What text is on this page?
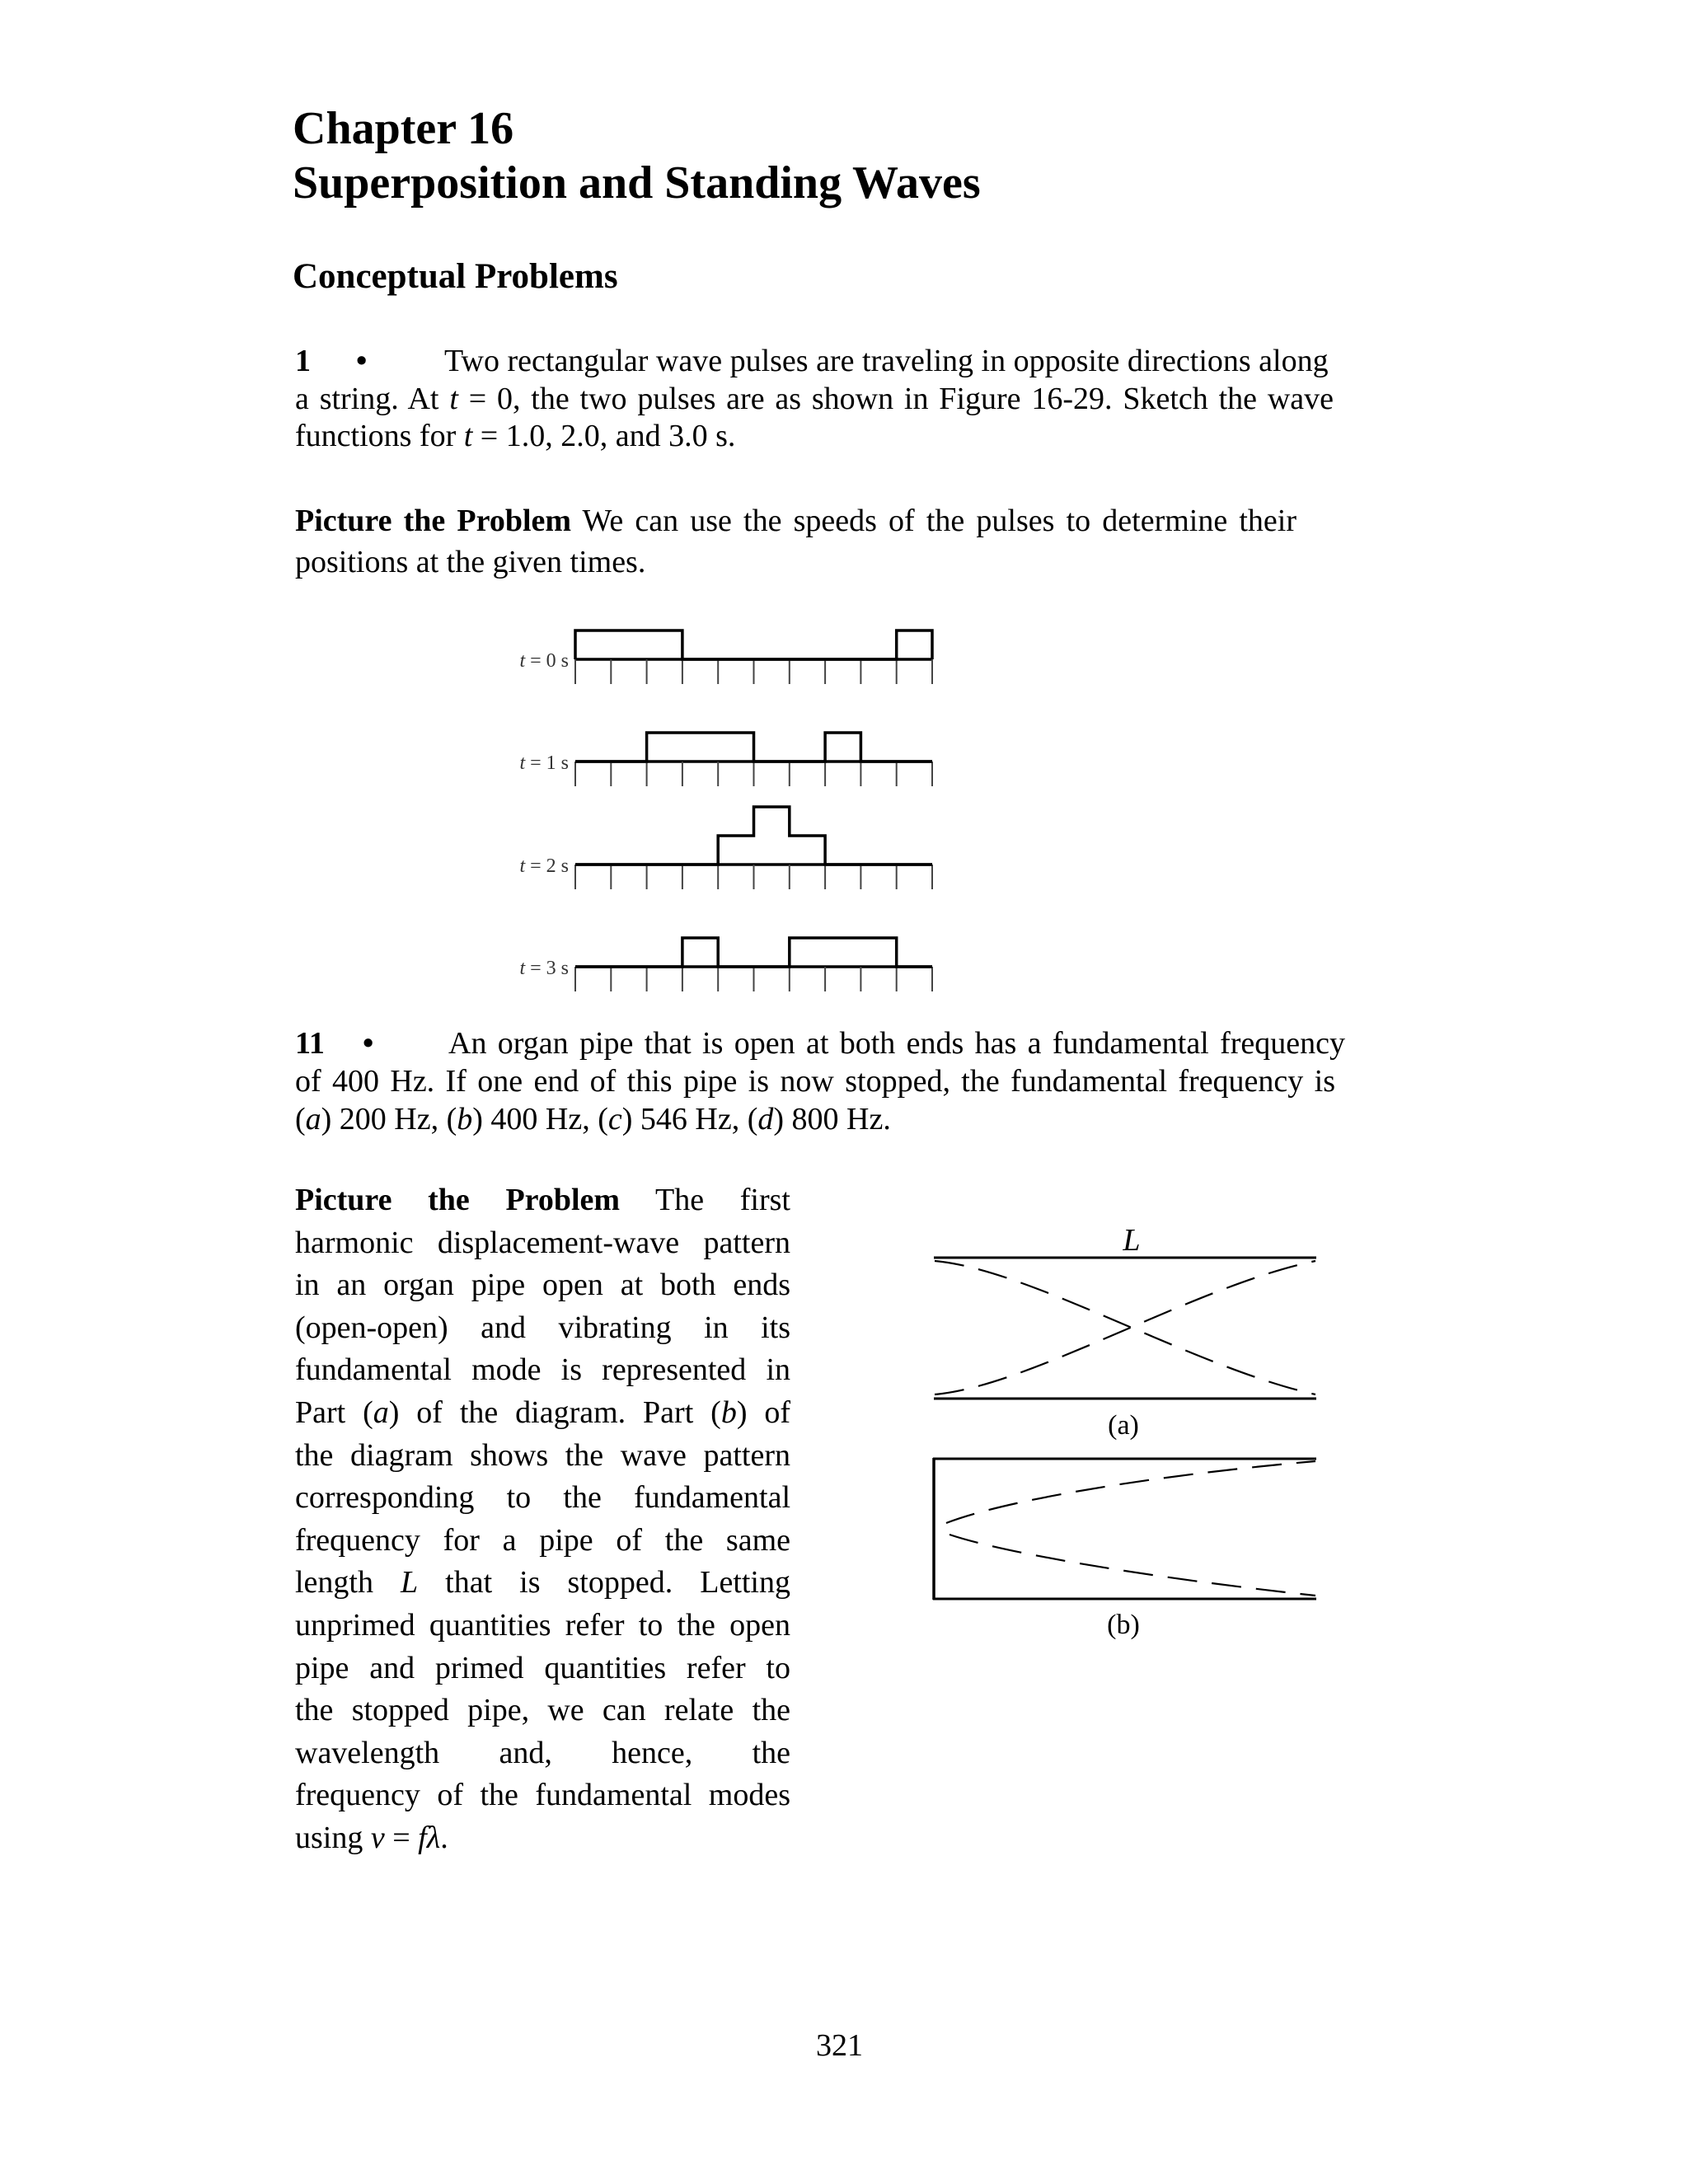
Chapter 16
Superposition and Standing Waves
Conceptual Problems
1 • Two rectangular wave pulses are traveling in opposite directions along
a string. At t = 0, the two pulses are as shown in Figure 16-29. Sketch the wave
functions for t = 1.0, 2.0, and 3.0 s.
Picture the Problem We can use the speeds of the pulses to determine their
positions at the given times.
t = 0 s
t = 1 s
t = 2 s
t = 3 s
11 • An organ pipe that is open at both ends has a fundamental frequency
of 400 Hz. If one end of this pipe is now stopped, the fundamental frequency is
(a) 200 Hz, (b) 400 Hz, (c) 546 Hz, (d) 800 Hz.
Picture the Problem The first
harmonic displacement-wave pattern
in an organ pipe open at both ends
(open-open) and vibrating in its
fundamental mode is represented in
Part (a) of the diagram. Part (b) of
the diagram shows the wave pattern
corresponding to the fundamental
frequency for a pipe of the same
length L that is stopped. Letting
unprimed quantities refer to the open
pipe and primed quantities refer to
the stopped pipe, we can relate the
wavelength and, hence, the
frequency of the fundamental modes
using v = fλ.
L
(a)
(b)
321
